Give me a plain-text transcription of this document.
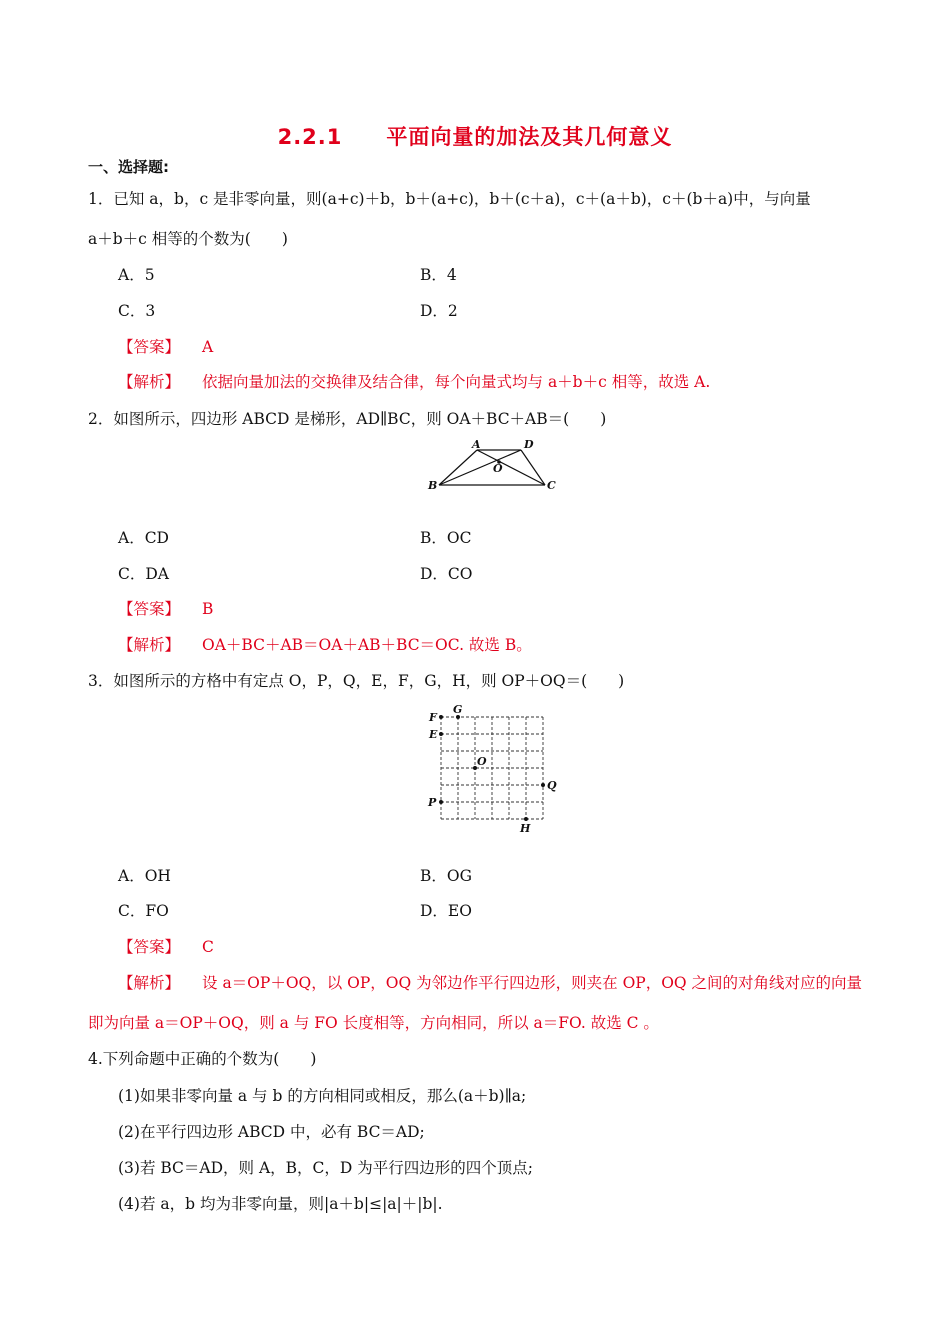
2.2.1　　平面向量的加法及其几何意义
一、选择题:
1．已知 a，b，c 是非零向量，则(a+c)＋b，b＋(a+c)，b＋(c＋a)，c＋(a＋b)，c＋(b＋a)中，与向量
a＋b＋c 相等的个数为(　　)
A．5	B．4
C．3	D．2
【答案】 A
【解析】 依据向量加法的交换律及结合律，每个向量式均与 a＋b＋c 相等，故选 A.
2．如图所示，四边形 ABCD 是梯形，AD∥BC，则 OA＋BC＋AB＝(　　)
A	D
O
B	C
A．CD	B．OC
C．DA	D．CO
【答案】 B
【解析】 OA＋BC＋AB＝OA＋AB＋BC＝OC. 故选 B。
3．如图所示的方格中有定点 O，P，Q，E，F，G，H，则 OP＋OQ＝(　　)
F
G
E
O
Q
P
H
A．OH	B．OG
C．FO	D．EO
【答案】 C
【解析】 设 a＝OP＋OQ，以 OP，OQ 为邻边作平行四边形，则夹在 OP，OQ 之间的对角线对应的向量
即为向量 a＝OP＋OQ，则 a 与 FO 长度相等，方向相同，所以 a＝FO. 故选 C 。
4.下列命题中正确的个数为(　　)
(1)如果非零向量 a 与 b 的方向相同或相反，那么(a＋b)∥a;
(2)在平行四边形 ABCD 中，必有 BC＝AD;
(3)若 BC＝AD，则 A，B，C，D 为平行四边形的四个顶点;
(4)若 a，b 均为非零向量，则|a＋b|≤|a|＋|b|.
